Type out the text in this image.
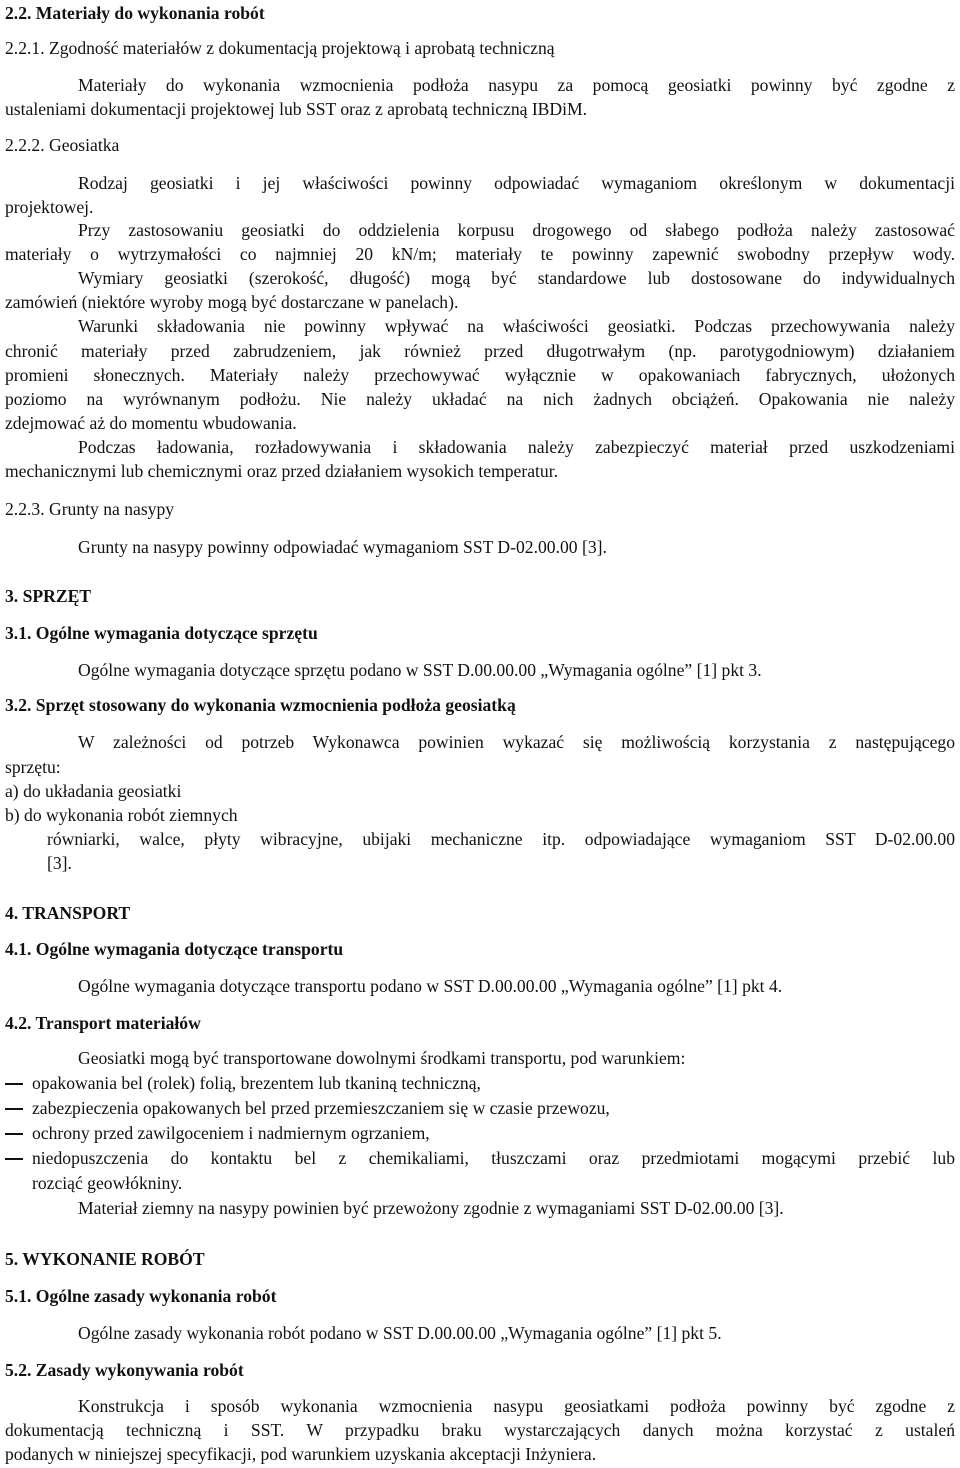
2.2. Materiały do wykonania robót
2.2.1. Zgodność materiałów z dokumentacją projektową i aprobatą techniczną
Materiały do wykonania wzmocnienia podłoża nasypu za pomocą geosiatki powinny być zgodne z
ustaleniami dokumentacji projektowej lub SST oraz z aprobatą techniczną IBDiM.
2.2.2. Geosiatka
Rodzaj geosiatki i jej właściwości powinny odpowiadać wymaganiom określonym w dokumentacji
projektowej.
Przy zastosowaniu geosiatki do oddzielenia korpusu drogowego od słabego podłoża należy zastosować
materiały o wytrzymałości co najmniej 20 kN/m; materiały te powinny zapewnić swobodny przepływ wody.
Wymiary geosiatki (szerokość, długość) mogą być standardowe lub dostosowane do indywidualnych
zamówień (niektóre wyroby mogą być dostarczane w panelach).
Warunki składowania nie powinny wpływać na właściwości geosiatki. Podczas przechowywania należy
chronić materiały przed zabrudzeniem, jak również przed długotrwałym (np. parotygodniowym) działaniem
promieni słonecznych. Materiały należy przechowywać wyłącznie w opakowaniach fabrycznych, ułożonych
poziomo na wyrównanym podłożu. Nie należy układać na nich żadnych obciążeń. Opakowania nie należy
zdejmować aż do momentu wbudowania.
Podczas ładowania, rozładowywania i składowania należy zabezpieczyć materiał przed uszkodzeniami
mechanicznymi lub chemicznymi oraz przed działaniem wysokich temperatur.
2.2.3. Grunty na nasypy
Grunty na nasypy powinny odpowiadać wymaganiom SST D-02.00.00 [3].
3. SPRZĘT
3.1. Ogólne wymagania dotyczące sprzętu
Ogólne wymagania dotyczące sprzętu podano w SST D.00.00.00 „Wymagania ogólne” [1] pkt 3.
3.2. Sprzęt stosowany do wykonania wzmocnienia podłoża geosiatką
W zależności od potrzeb Wykonawca powinien wykazać się możliwością korzystania z następującego
sprzętu:
a) do układania geosiatki
b) do wykonania robót ziemnych
równiarki, walce, płyty wibracyjne, ubijaki mechaniczne itp. odpowiadające wymaganiom SST D-02.00.00
[3].
4. TRANSPORT
4.1. Ogólne wymagania dotyczące transportu
Ogólne wymagania dotyczące transportu podano w SST D.00.00.00 „Wymagania ogólne” [1] pkt 4.
4.2. Transport materiałów
Geosiatki mogą być transportowane dowolnymi środkami transportu, pod warunkiem:
opakowania bel (rolek) folią, brezentem lub tkaniną techniczną,
zabezpieczenia opakowanych bel przed przemieszczaniem się w czasie przewozu,
ochrony przed zawilgoceniem i nadmiernym ogrzaniem,
niedopuszczenia do kontaktu bel z chemikaliami, tłuszczami oraz przedmiotami mogącymi przebić lub
rozciąć geowłókniny.
Materiał ziemny na nasypy powinien być przewożony zgodnie z wymaganiami SST D-02.00.00 [3].
5. WYKONANIE ROBÓT
5.1. Ogólne zasady wykonania robót
Ogólne zasady wykonania robót podano w SST D.00.00.00 „Wymagania ogólne” [1] pkt 5.
5.2. Zasady wykonywania robót
Konstrukcja i sposób wykonania wzmocnienia nasypu geosiatkami podłoża powinny być zgodne z
dokumentacją techniczną i SST. W przypadku braku wystarczających danych można korzystać z ustaleń
podanych w niniejszej specyfikacji, pod warunkiem uzyskania akceptacji Inżyniera.
